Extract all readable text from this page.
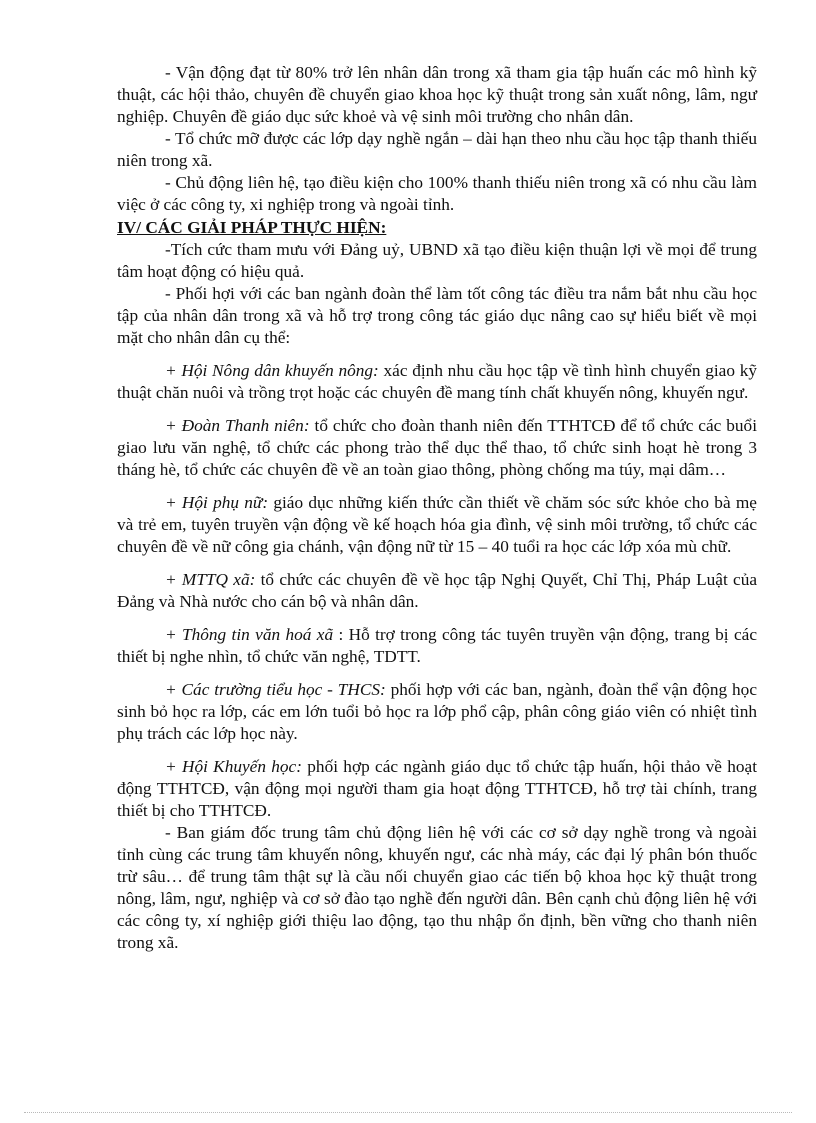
- Vận động đạt từ 80% trở lên nhân dân trong xã tham gia tập huấn các mô hình kỹ thuật, các hội thảo, chuyên đề chuyển giao khoa học kỹ thuật trong sản xuất nông, lâm, ngư nghiệp. Chuyên đề giáo dục sức khoẻ và vệ sinh môi trường cho nhân dân.

- Tổ chức mỡ được các lớp dạy nghề ngắn – dài hạn theo nhu cầu học tập thanh thiếu niên trong xã.

- Chủ động liên hệ, tạo điều kiện cho 100% thanh thiếu niên trong xã có nhu cầu làm việc ở các công ty, xi nghiệp trong và ngoài tỉnh.

IV/ CÁC GIẢI PHÁP THỰC HIỆN:

-Tích cức tham mưu với Đảng uỷ, UBND xã tạo điều kiện thuận lợi về mọi để trung tâm hoạt động có hiệu quả.

- Phối hợi với các ban ngành đoàn thể làm tốt công tác điều tra nắm bắt nhu cầu học tập của nhân dân trong xã và hỗ trợ trong công tác giáo dục nâng cao sự hiểu biết về mọi mặt cho nhân dân cụ thể:

+ Hội Nông dân khuyến nông: xác định nhu cầu học tập về tình hình chuyển giao kỹ thuật chăn nuôi và trồng trọt hoặc các chuyên đề mang tính chất khuyến nông, khuyến ngư.

+ Đoàn Thanh niên: tổ chức cho đoàn thanh niên đến TTHTCĐ để tổ chức các buổi giao lưu văn nghệ, tổ chức các phong trào thể dục thể thao, tổ chức sinh hoạt hè trong 3 tháng hè, tổ chức các chuyên đề về an toàn giao thông, phòng chống ma túy, mại dâm…

+ Hội phụ nữ: giáo dục những kiến thức cần thiết về chăm sóc sức khỏe cho bà mẹ và trẻ em, tuyên truyền vận động về kế hoạch hóa gia đình, vệ sinh môi trường, tổ chức các chuyên đề về nữ công gia chánh, vận động nữ từ 15 – 40 tuổi ra học các lớp xóa mù chữ.

+ MTTQ xã: tổ chức các chuyên đề về học tập Nghị Quyết, Chỉ Thị, Pháp Luật của Đảng và Nhà nước cho cán bộ và nhân dân.

+ Thông tin văn hoá xã : Hỗ trợ trong công tác tuyên truyền vận động, trang bị các thiết bị nghe nhìn, tổ chức văn nghệ, TDTT.

+ Các trường tiểu học - THCS: phối hợp với các ban, ngành, đoàn thể vận động học sinh bỏ học ra lớp, các em lớn tuổi bỏ học ra lớp phổ cập, phân công giáo viên có nhiệt tình phụ trách các lớp học này.

+ Hội Khuyến học: phối hợp các ngành giáo dục tổ chức tập huấn, hội thảo về hoạt động TTHTCĐ, vận động mọi người tham gia hoạt động TTHTCĐ, hỗ trợ tài chính, trang thiết bị cho TTHTCĐ.

- Ban giám đốc trung tâm chủ động liên hệ với các cơ sở dạy nghề trong và ngoài tỉnh cùng các trung tâm khuyến nông, khuyến ngư, các nhà máy, các đại lý phân bón thuốc trừ sâu… để trung tâm thật sự là cầu nối chuyển giao các tiến bộ khoa học kỹ thuật trong nông, lâm, ngư, nghiệp và cơ sở đào tạo nghề đến người dân. Bên cạnh chủ động liên hệ với các công ty, xí nghiệp giới thiệu lao động, tạo thu nhập ổn định, bền vững cho thanh niên trong xã.
